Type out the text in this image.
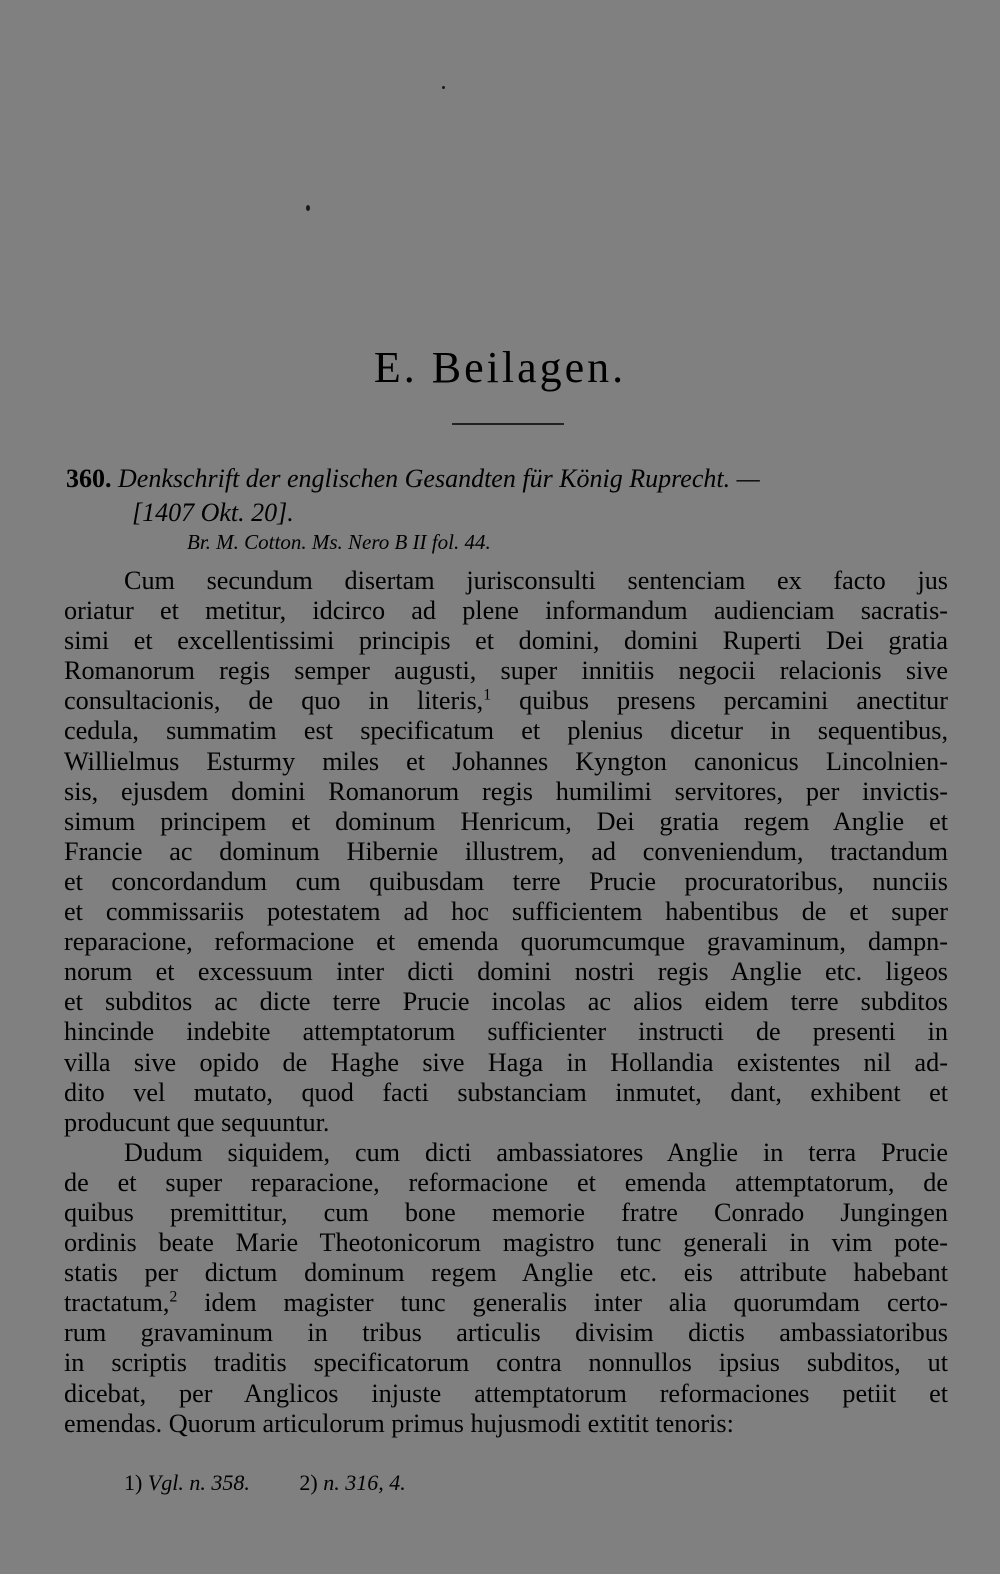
E. Beilagen.
360. Denkschrift der englischen Gesandten für König Ruprecht. —
[1407 Okt. 20].
Br. M. Cotton. Ms. Nero B II fol. 44.

Cum secundum disertam jurisconsulti sentenciam ex facto jus
oriatur et metitur, idcirco ad plene informandum audienciam sacratis-
simi et excellentissimi principis et domini, domini Ruperti Dei gratia
Romanorum regis semper augusti, super innitiis negocii relacionis sive
consultacionis, de quo in literis,$^1$ quibus presens percamini anectitur
cedula, summatim est specificatum et plenius dicetur in sequentibus,
Willielmus Esturmy miles et Johannes Kyngton canonicus Lincolnien-
sis, ejusdem domini Romanorum regis humilimi servitores, per invictis-
simum principem et dominum Henricum, Dei gratia regem Anglie et
Francie ac dominum Hibernie illustrem, ad conveniendum, tractandum
et concordandum cum quibusdam terre Prucie procuratoribus, nunciis
et commissariis potestatem ad hoc sufficientem habentibus de et super
reparacione, reformacione et emenda quorumcumque gravaminum, dampn-
norum et excessuum inter dicti domini nostri regis Anglie etc. ligeos
et subditos ac dicte terre Prucie incolas ac alios eidem terre subditos
hincinde indebite attemptatorum sufficienter instructi de presenti in
villa sive opido de Haghe sive Haga in Hollandia existentes nil ad-
dito vel mutato, quod facti substanciam inmutet, dant, exhibent et
producunt que sequuntur.

Dudum siquidem, cum dicti ambassiatores Anglie in terra Prucie
de et super reparacione, reformacione et emenda attemptatorum, de
quibus premittitur, cum bone memorie fratre Conrado Jungingen
ordinis beate Marie Theotonicorum magistro tunc generali in vim pote-
statis per dictum dominum regem Anglie etc. eis attribute habebant
tractatum,$^2$ idem magister tunc generalis inter alia quorumdam certo-
rum gravaminum in tribus articulis divisim dictis ambassiatoribus
in scriptis traditis specificatorum contra nonnullos ipsius subditos, ut
dicebat, per Anglicos injuste attemptatorum reformaciones petiit et
emendas. Quorum articulorum primus hujusmodi extitit tenoris:

1) Vgl. n. 358. 2) n. 316, 4.
